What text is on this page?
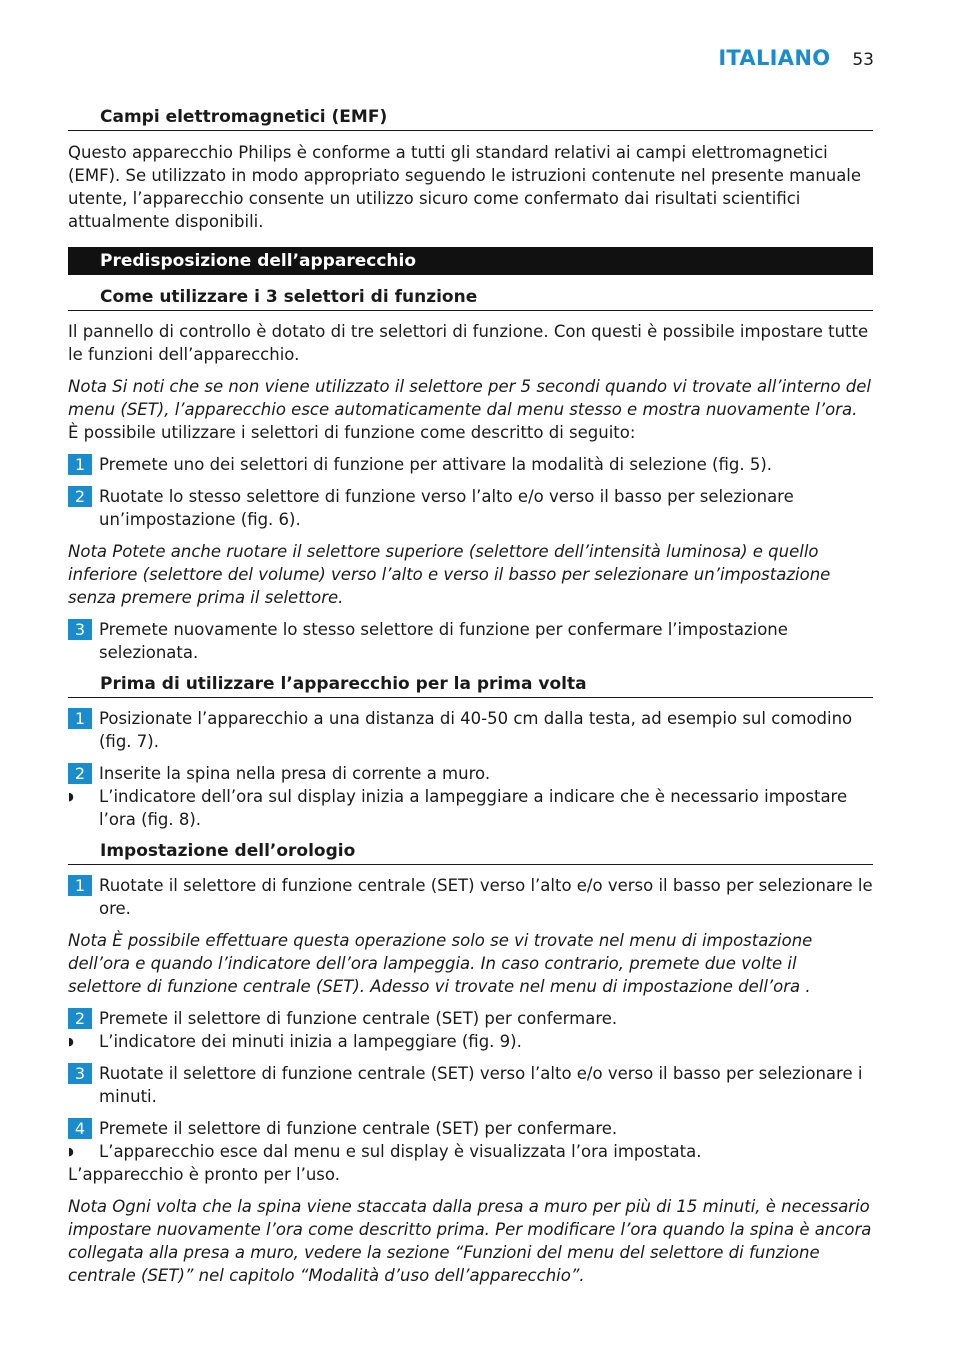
ITALIANO 53
Campi elettromagnetici (EMF)

Questo apparecchio Philips è conforme a tutti gli standard relativi ai campi elettromagnetici (EMF). Se utilizzato in modo appropriato seguendo le istruzioni contenute nel presente manuale utente, l’apparecchio consente un utilizzo sicuro come confermato dai risultati scientifici attualmente disponibili.

Predisposizione dell’apparecchio
Come utilizzare i 3 selettori di funzione

Il pannello di controllo è dotato di tre selettori di funzione. Con questi è possibile impostare tutte le funzioni dell’apparecchio.

Nota Si noti che se non viene utilizzato il selettore per 5 secondi quando vi trovate all’interno del menu (SET), l’apparecchio esce automaticamente dal menu stesso e mostra nuovamente l’ora.

È possibile utilizzare i selettori di funzione come descritto di seguito:

1 Premete uno dei selettori di funzione per attivare la modalità di selezione (fig. 5).
2 Ruotate lo stesso selettore di funzione verso l’alto e/o verso il basso per selezionare un’impostazione (fig. 6).

Nota Potete anche ruotare il selettore superiore (selettore dell’intensità luminosa) e quello inferiore (selettore del volume) verso l’alto e verso il basso per selezionare un’impostazione senza premere prima il selettore.

3 Premete nuovamente lo stesso selettore di funzione per confermare l’impostazione selezionata.
Prima di utilizzare l’apparecchio per la prima volta
1 Posizionate l’apparecchio a una distanza di 40-50 cm dalla testa, ad esempio sul comodino (fig. 7).
2 Inserite la spina nella presa di corrente a muro.
◗	L’indicatore dell’ora sul display inizia a lampeggiare a indicare che è necessario impostare l’ora (fig. 8).
Impostazione dell’orologio
1 Ruotate il selettore di funzione centrale (SET) verso l’alto e/o verso il basso per selezionare le ore.

Nota È possibile effettuare questa operazione solo se vi trovate nel menu di impostazione dell’ora e quando l’indicatore dell’ora lampeggia. In caso contrario, premete due volte il selettore di funzione centrale (SET). Adesso vi trovate nel menu di impostazione dell’ora .

2 Premete il selettore di funzione centrale (SET) per confermare.
◗	L’indicatore dei minuti inizia a lampeggiare (fig. 9).
3 Ruotate il selettore di funzione centrale (SET) verso l’alto e/o verso il basso per selezionare i minuti.
4 Premete il selettore di funzione centrale (SET) per confermare.
◗	L’apparecchio esce dal menu e sul display è visualizzata l’ora impostata.

L’apparecchio è pronto per l’uso.

Nota Ogni volta che la spina viene staccata dalla presa a muro per più di 15 minuti, è necessario impostare nuovamente l’ora come descritto prima. Per modificare l’ora quando la spina è ancora collegata alla presa a muro, vedere la sezione “Funzioni del menu del selettore di funzione centrale (SET)” nel capitolo “Modalità d’uso dell’apparecchio”.
